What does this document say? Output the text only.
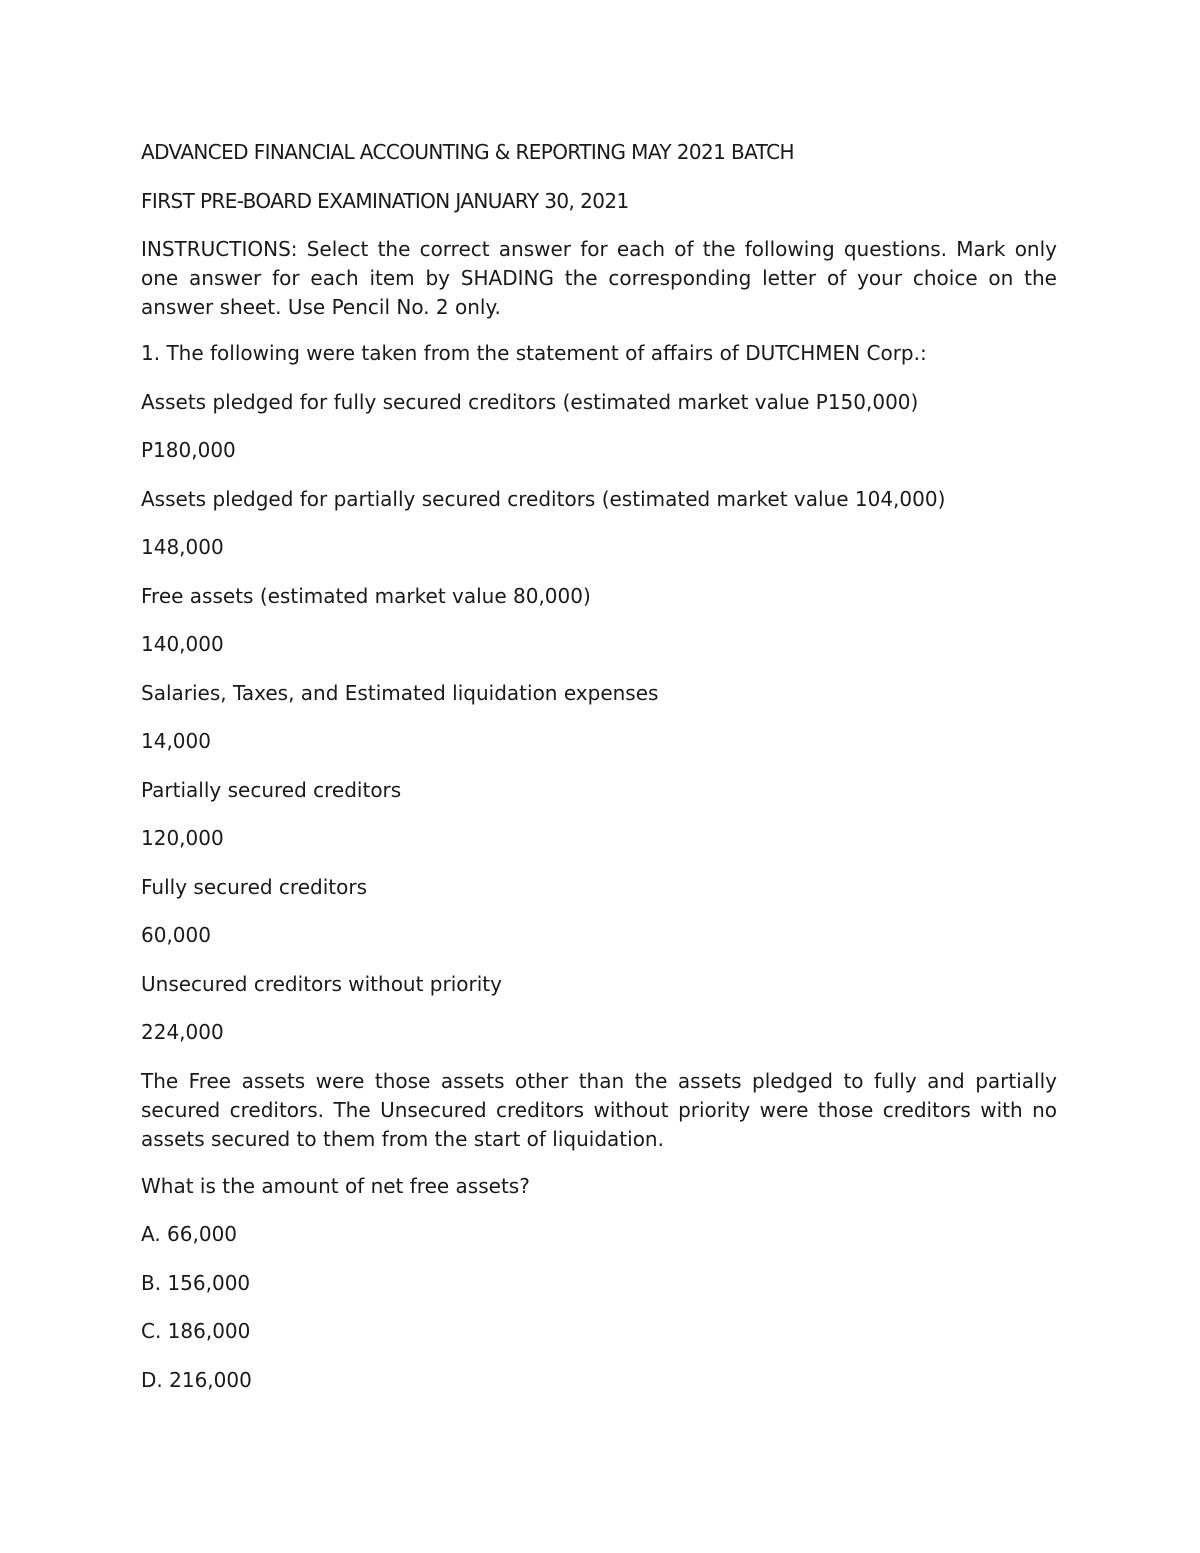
ADVANCED FINANCIAL ACCOUNTING & REPORTING MAY 2021 BATCH

FIRST PRE-BOARD EXAMINATION JANUARY 30, 2021

INSTRUCTIONS: Select the correct answer for each of the following questions. Mark only one answer for each item by SHADING the corresponding letter of your choice on the answer sheet. Use Pencil No. 2 only.

1. The following were taken from the statement of affairs of DUTCHMEN Corp.:

Assets pledged for fully secured creditors (estimated market value P150,000)

P180,000

Assets pledged for partially secured creditors (estimated market value 104,000)

148,000

Free assets (estimated market value 80,000)

140,000

Salaries, Taxes, and Estimated liquidation expenses

14,000

Partially secured creditors

120,000

Fully secured creditors

60,000

Unsecured creditors without priority

224,000

The Free assets were those assets other than the assets pledged to fully and partially secured creditors. The Unsecured creditors without priority were those creditors with no assets secured to them from the start of liquidation.

What is the amount of net free assets?

A. 66,000

B. 156,000

C. 186,000

D. 216,000
